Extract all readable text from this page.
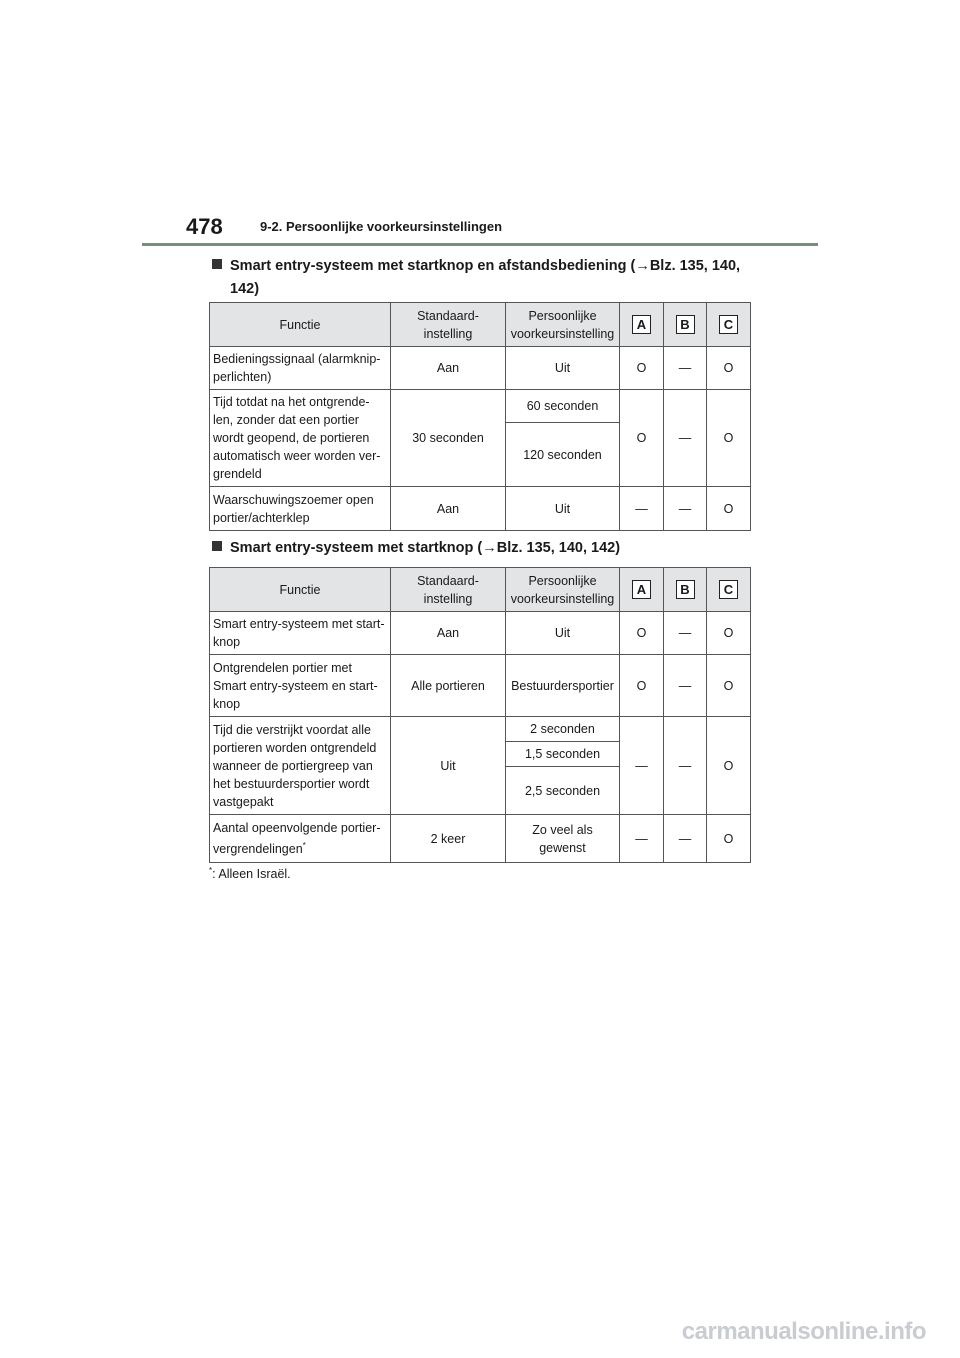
478	9-2. Persoonlijke voorkeursinstellingen
Smart entry-systeem met startknop en afstandsbediening (→Blz. 135, 140,
142)
Functie	Standaard-instelling	Persoonlijke voorkeursinstelling	A	B	C
Bedieningssignaal (alarmknip-perlichten)	Aan	Uit	O	—	O
Tijd totdat na het ontgrende-len, zonder dat een portier wordt geopend, de portieren automatisch weer worden ver-grendeld	30 seconden	60 seconden	O	—	O
		120 seconden			
Waarschuwingszoemer open portier/achterklep	Aan	Uit	—	—	O
Smart entry-systeem met startknop (→Blz. 135, 140, 142)
Functie	Standaard-instelling	Persoonlijke voorkeursinstelling	A	B	C
Smart entry-systeem met start-knop	Aan	Uit	O	—	O
Ontgrendelen portier met Smart entry-systeem en start-knop	Alle portieren	Bestuurdersportier	O	—	O
Tijd die verstrijkt voordat alle portieren worden ontgrendeld wanneer de portiergreep van het bestuurdersportier wordt vastgepakt	Uit	2 seconden	—	—	O
		1,5 seconden			
		2,5 seconden			
Aantal opeenvolgende portier-vergrendelingen*	2 keer	Zo veel als gewenst	—	—	O
*: Alleen Israël.
carmanualsonline.info
